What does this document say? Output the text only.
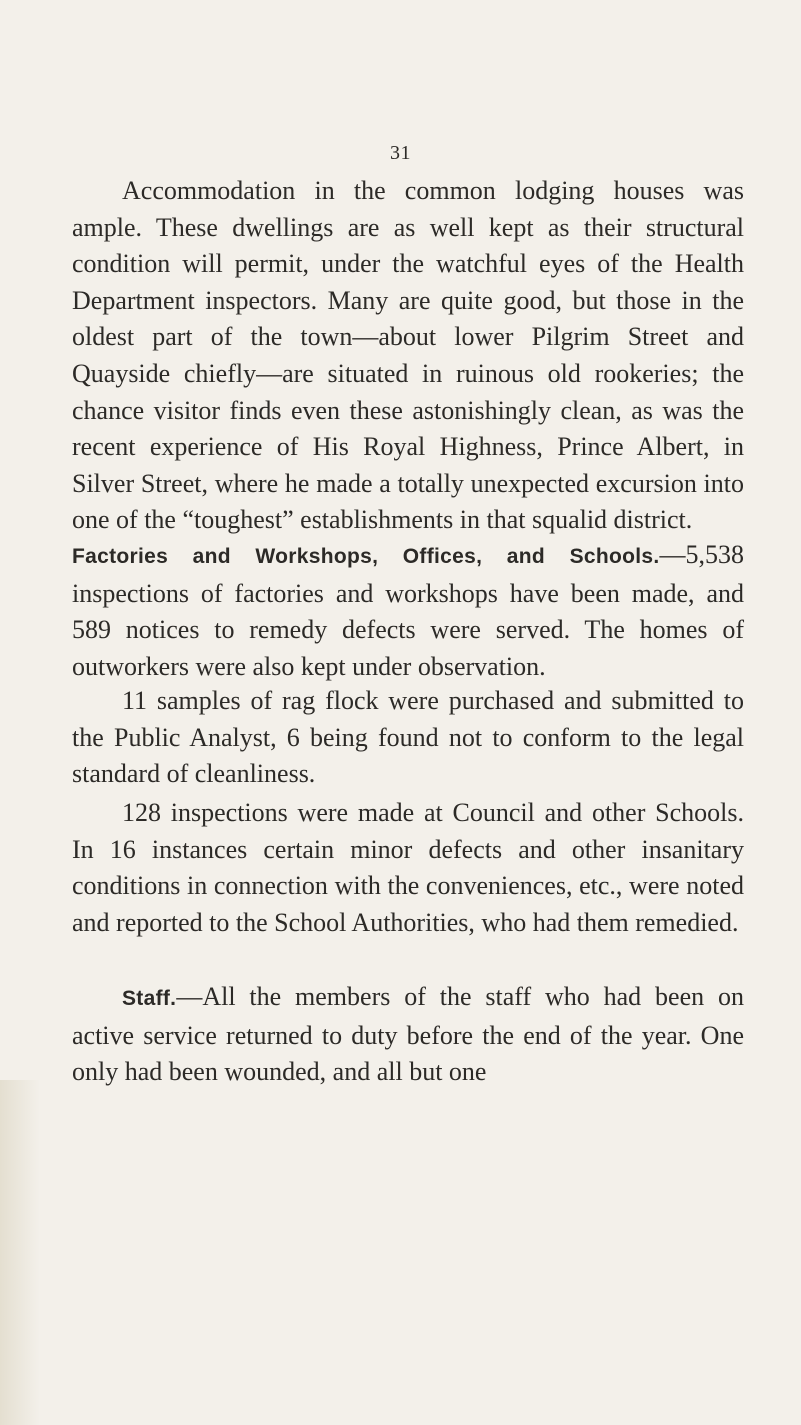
31

Accommodation in the common lodging houses was ample. These dwellings are as well kept as their structural condition will permit, under the watchful eyes of the Health Department inspectors. Many are quite good, but those in the oldest part of the town—about lower Pilgrim Street and Quayside chiefly—are situated in ruinous old rookeries; the chance visitor finds even these astonishingly clean, as was the recent experience of His Royal Highness, Prince Albert, in Silver Street, where he made a totally unexpected excursion into one of the “toughest” establishments in that squalid district.

Factories and Workshops, Offices, and Schools.—5,538 inspections of factories and workshops have been made, and 589 notices to remedy defects were served. The homes of outworkers were also kept under observation.

11 samples of rag flock were purchased and submitted to the Public Analyst, 6 being found not to conform to the legal standard of cleanliness.

128 inspections were made at Council and other Schools. In 16 instances certain minor defects and other insanitary conditions in connection with the conveniences, etc., were noted and reported to the School Authorities, who had them remedied.

Staff.—All the members of the staff who had been on active service returned to duty before the end of the year. One only had been wounded, and all but one
